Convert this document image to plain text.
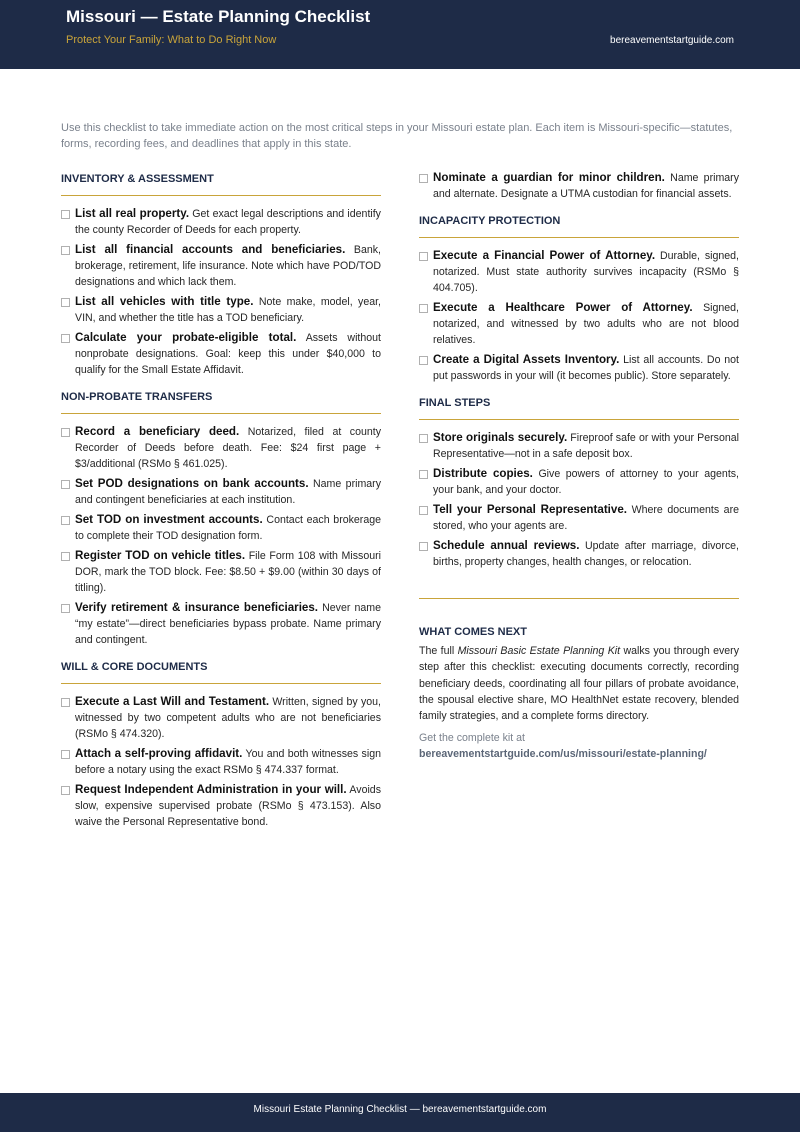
Missouri — Estate Planning Checklist
Protect Your Family: What to Do Right Now	bereavementstartguide.com
Use this checklist to take immediate action on the most critical steps in your Missouri estate plan. Each item is Missouri-specific—statutes, forms, recording fees, and deadlines that apply in this state.
INVENTORY & ASSESSMENT
List all real property. Get exact legal descriptions and identify the county Recorder of Deeds for each property.
List all financial accounts and beneficiaries. Bank, brokerage, retirement, life insurance. Note which have POD/TOD designations and which lack them.
List all vehicles with title type. Note make, model, year, VIN, and whether the title has a TOD beneficiary.
Calculate your probate-eligible total. Assets without nonprobate designations. Goal: keep this under $40,000 to qualify for the Small Estate Affidavit.
NON-PROBATE TRANSFERS
Record a beneficiary deed. Notarized, filed at county Recorder of Deeds before death. Fee: $24 first page + $3/additional (RSMo § 461.025).
Set POD designations on bank accounts. Name primary and contingent beneficiaries at each institution.
Set TOD on investment accounts. Contact each brokerage to complete their TOD designation form.
Register TOD on vehicle titles. File Form 108 with Missouri DOR, mark the TOD block. Fee: $8.50 + $9.00 (within 30 days of titling).
Verify retirement & insurance beneficiaries. Never name “my estate”—direct beneficiaries bypass probate. Name primary and contingent.
WILL & CORE DOCUMENTS
Execute a Last Will and Testament. Written, signed by you, witnessed by two competent adults who are not beneficiaries (RSMo § 474.320).
Attach a self-proving affidavit. You and both witnesses sign before a notary using the exact RSMo § 474.337 format.
Request Independent Administration in your will. Avoids slow, expensive supervised probate (RSMo § 473.153). Also waive the Personal Representative bond.
Nominate a guardian for minor children. Name primary and alternate. Designate a UTMA custodian for financial assets.
INCAPACITY PROTECTION
Execute a Financial Power of Attorney. Durable, signed, notarized. Must state authority survives incapacity (RSMo § 404.705).
Execute a Healthcare Power of Attorney. Signed, notarized, and witnessed by two adults who are not blood relatives.
Create a Digital Assets Inventory. List all accounts. Do not put passwords in your will (it becomes public). Store separately.
FINAL STEPS
Store originals securely. Fireproof safe or with your Personal Representative—not in a safe deposit box.
Distribute copies. Give powers of attorney to your agents, your bank, and your doctor.
Tell your Personal Representative. Where documents are stored, who your agents are.
Schedule annual reviews. Update after marriage, divorce, births, property changes, health changes, or relocation.
WHAT COMES NEXT
The full Missouri Basic Estate Planning Kit walks you through every step after this checklist: executing documents correctly, recording beneficiary deeds, coordinating all four pillars of probate avoidance, the spousal elective share, MO HealthNet estate recovery, blended family strategies, and a complete forms directory.
Get the complete kit at
bereavementstartguide.com/us/missouri/estate-planning/
Missouri Estate Planning Checklist — bereavementstartguide.com
